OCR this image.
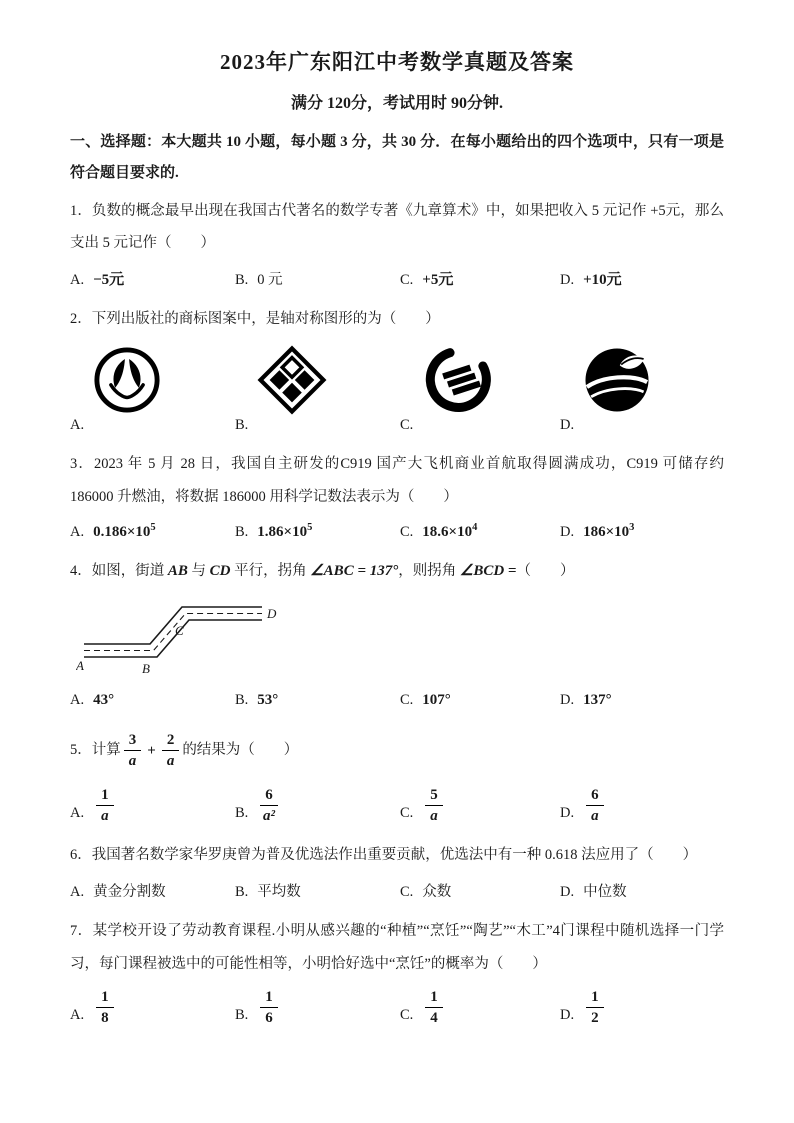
2023年广东阳江中考数学真题及答案
满分 120分，考试用时 90分钟.

一、选择题：本大题共 10 小题，每小题 3 分，共 30 分．在每小题给出的四个选项中，只有一项是符合题目要求的.

1．负数的概念最早出现在我国古代著名的数学专著《九章算术》中，如果把收入 5 元记作 +5元，那么支出 5 元记作（　　）

A. −5元	B. 0 元	C. +5元	D. +10元

2．下列出版社的商标图案中，是轴对称图形的为（　　）

A.	B.	C.	D.

3．2023 年 5 月 28 日，我国自主研发的C919 国产大飞机商业首航取得圆满成功，C919 可储存约 186000 升燃油，将数据 186000 用科学记数法表示为（　　）

A. $0.186\times 10^5$	B. $1.86\times 10^5$	C. $18.6\times 10^4$	D. $186\times 10^3$

4．如图，街道 AB 与 CD 平行，拐角 ∠ABC = 137°，则拐角 ∠BCD =（　　）

A	B
C
D
A. 43°	B. 53°	C. 107°	D. 137°

5．计算 $\frac{3}{a} + \frac{2}{a}$ 的结果为（　　）

A. $\frac{1}{a}$	B. $\frac{6}{\text{a²}}$	C. $\frac{5}{a}$	D. $\frac{6}{a}$

6．我国著名数学家华罗庚曾为普及优选法作出重要贡献，优选法中有一种 0.618 法应用了（　　）

A. 黄金分割数	B. 平均数	C. 众数	D. 中位数

7．某学校开设了劳动教育课程.小明从感兴趣的“种植”“烹饪”“陶艺”“木工”4门课程中随机选择一门学习，每门课程被选中的可能性相等，小明恰好选中“烹饪”的概率为（　　）

A. $\frac{1}{8}$	B. $\frac{1}{6}$	C. $\frac{1}{4}$	D. $\frac{1}{2}$
